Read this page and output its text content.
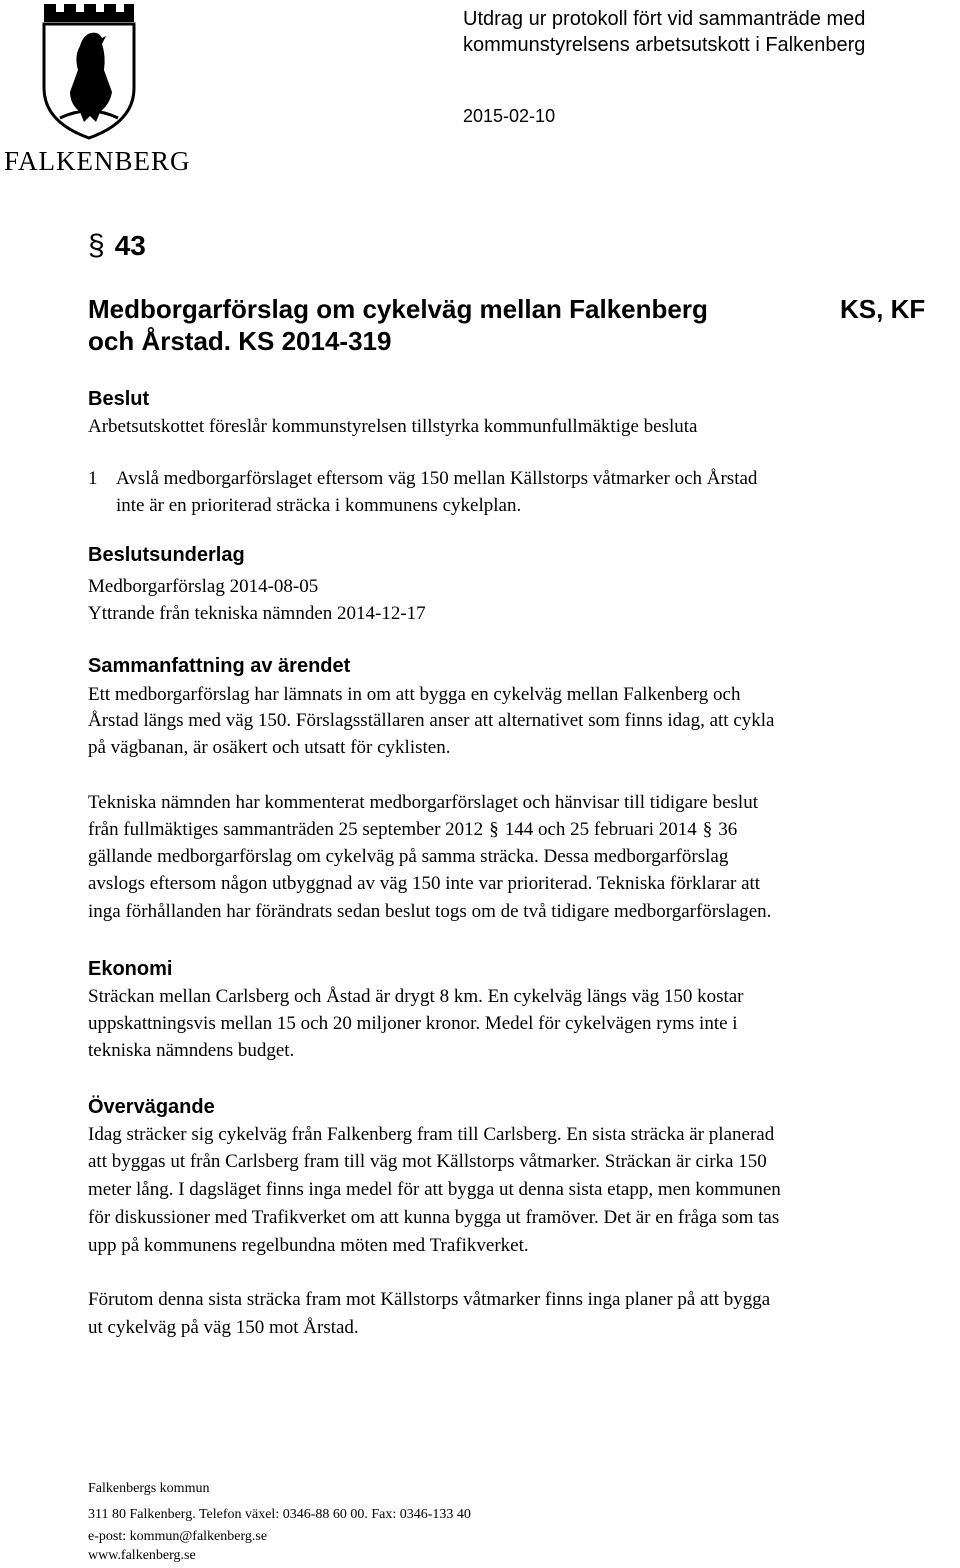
FALKENBERG
Utdrag ur protokoll fört vid sammanträde med
kommunstyrelsens arbetsutskott i Falkenberg
2015-02-10
§ 43
Medborgarförslag om cykelväg mellan Falkenberg
och Årstad. KS 2014-319
KS, KF
Beslut
Arbetsutskottet föreslår kommunstyrelsen tillstyrka kommunfullmäktige besluta
1 Avslå medborgarförslaget eftersom väg 150 mellan Källstorps våtmarker och Årstad
inte är en prioriterad sträcka i kommunens cykelplan.
Beslutsunderlag
Medborgarförslag 2014-08-05
Yttrande från tekniska nämnden 2014-12-17
Sammanfattning av ärendet
Ett medborgarförslag har lämnats in om att bygga en cykelväg mellan Falkenberg och
Årstad längs med väg 150. Förslagsställaren anser att alternativet som finns idag, att cykla
på vägbanan, är osäkert och utsatt för cyklisten.
Tekniska nämnden har kommenterat medborgarförslaget och hänvisar till tidigare beslut
från fullmäktiges sammanträden 25 september 2012 § 144 och 25 februari 2014 § 36
gällande medborgarförslag om cykelväg på samma sträcka. Dessa medborgarförslag
avslogs eftersom någon utbyggnad av väg 150 inte var prioriterad. Tekniska förklarar att
inga förhållanden har förändrats sedan beslut togs om de två tidigare medborgarförslagen.
Ekonomi
Sträckan mellan Carlsberg och Åstad är drygt 8 km. En cykelväg längs väg 150 kostar
uppskattningsvis mellan 15 och 20 miljoner kronor. Medel för cykelvägen ryms inte i
tekniska nämndens budget.
Övervägande
Idag sträcker sig cykelväg från Falkenberg fram till Carlsberg. En sista sträcka är planerad
att byggas ut från Carlsberg fram till väg mot Källstorps våtmarker. Sträckan är cirka 150
meter lång. I dagsläget finns inga medel för att bygga ut denna sista etapp, men kommunen
för diskussioner med Trafikverket om att kunna bygga ut framöver. Det är en fråga som tas
upp på kommunens regelbundna möten med Trafikverket.
Förutom denna sista sträcka fram mot Källstorps våtmarker finns inga planer på att bygga
ut cykelväg på väg 150 mot Årstad.
Falkenbergs kommun
311 80 Falkenberg. Telefon växel: 0346-88 60 00. Fax: 0346-133 40
e-post: kommun@falkenberg.se
www.falkenberg.se
